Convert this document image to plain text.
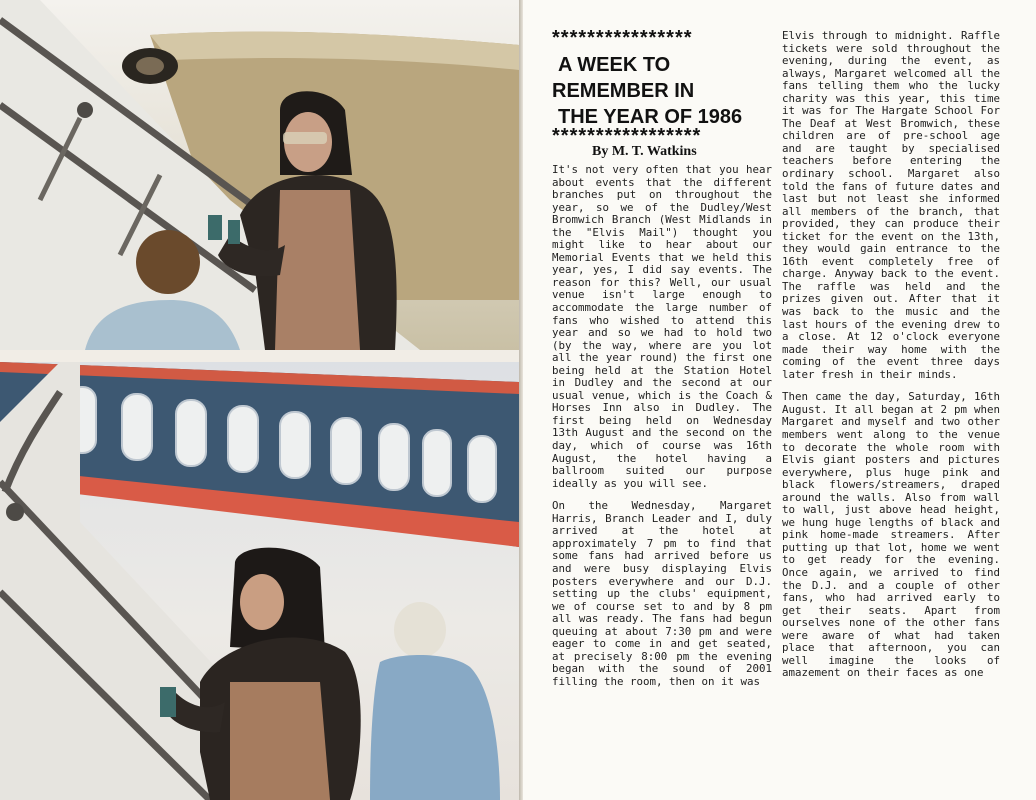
****************
A WEEK TO
REMEMBER IN
THE YEAR OF 1986
*****************
By M. T. Watkins

It's not very often that you hear about events that the different branches put on throughout the year, so we of the Dudley/West Bromwich Branch (West Midlands in the "Elvis Mail") thought you might like to hear about our Memorial Events that we held this year, yes, I did say events. The reason for this? Well, our usual venue isn't large enough to accommodate the large number of fans who wished to attend this year and so we had to hold two (by the way, where are you lot all the year round) the first one being held at the Station Hotel in Dudley and the second at our usual venue, which is the Coach & Horses Inn also in Dudley. The first being held on Wednesday 13th August and the second on the day, which of course was 16th August, the hotel having a ballroom suited our purpose ideally as you will see.

On the Wednesday, Margaret Harris, Branch Leader and I, duly arrived at the hotel at approximately 7 pm to find that some fans had arrived before us and were busy displaying Elvis posters everywhere and our D.J. setting up the clubs' equipment, we of course set to and by 8 pm all was ready. The fans had begun queuing at about 7:30 pm and were eager to come in and get seated, at precisely 8:00 pm the evening began with the sound of 2001 filling the room, then on it was

Elvis through to midnight. Raffle tickets were sold throughout the evening, during the event, as always, Margaret welcomed all the fans telling them who the lucky charity was this year, this time it was for The Hargate School For The Deaf at West Bromwich, these children are of pre-school age and are taught by specialised teachers before entering the ordinary school. Margaret also told the fans of future dates and last but not least she informed all members of the branch, that provided, they can produce their ticket for the event on the 13th, they would gain entrance to the 16th event completely free of charge. Anyway back to the event. The raffle was held and the prizes given out. After that it was back to the music and the last hours of the evening drew to a close. At 12 o'clock everyone made their way home with the coming of the event three days later fresh in their minds.

Then came the day, Saturday, 16th August. It all began at 2 pm when Margaret and myself and two other members went along to the venue to decorate the whole room with Elvis giant posters and pictures everywhere, plus huge pink and black flowers/streamers, draped around the walls. Also from wall to wall, just above head height, we hung huge lengths of black and pink home-made streamers. After putting up that lot, home we went to get ready for the evening. Once again, we arrived to find the D.J. and a couple of other fans, who had arrived early to get their seats. Apart from ourselves none of the other fans were aware of what had taken place that afternoon, you can well imagine the looks of amazement on their faces as one
